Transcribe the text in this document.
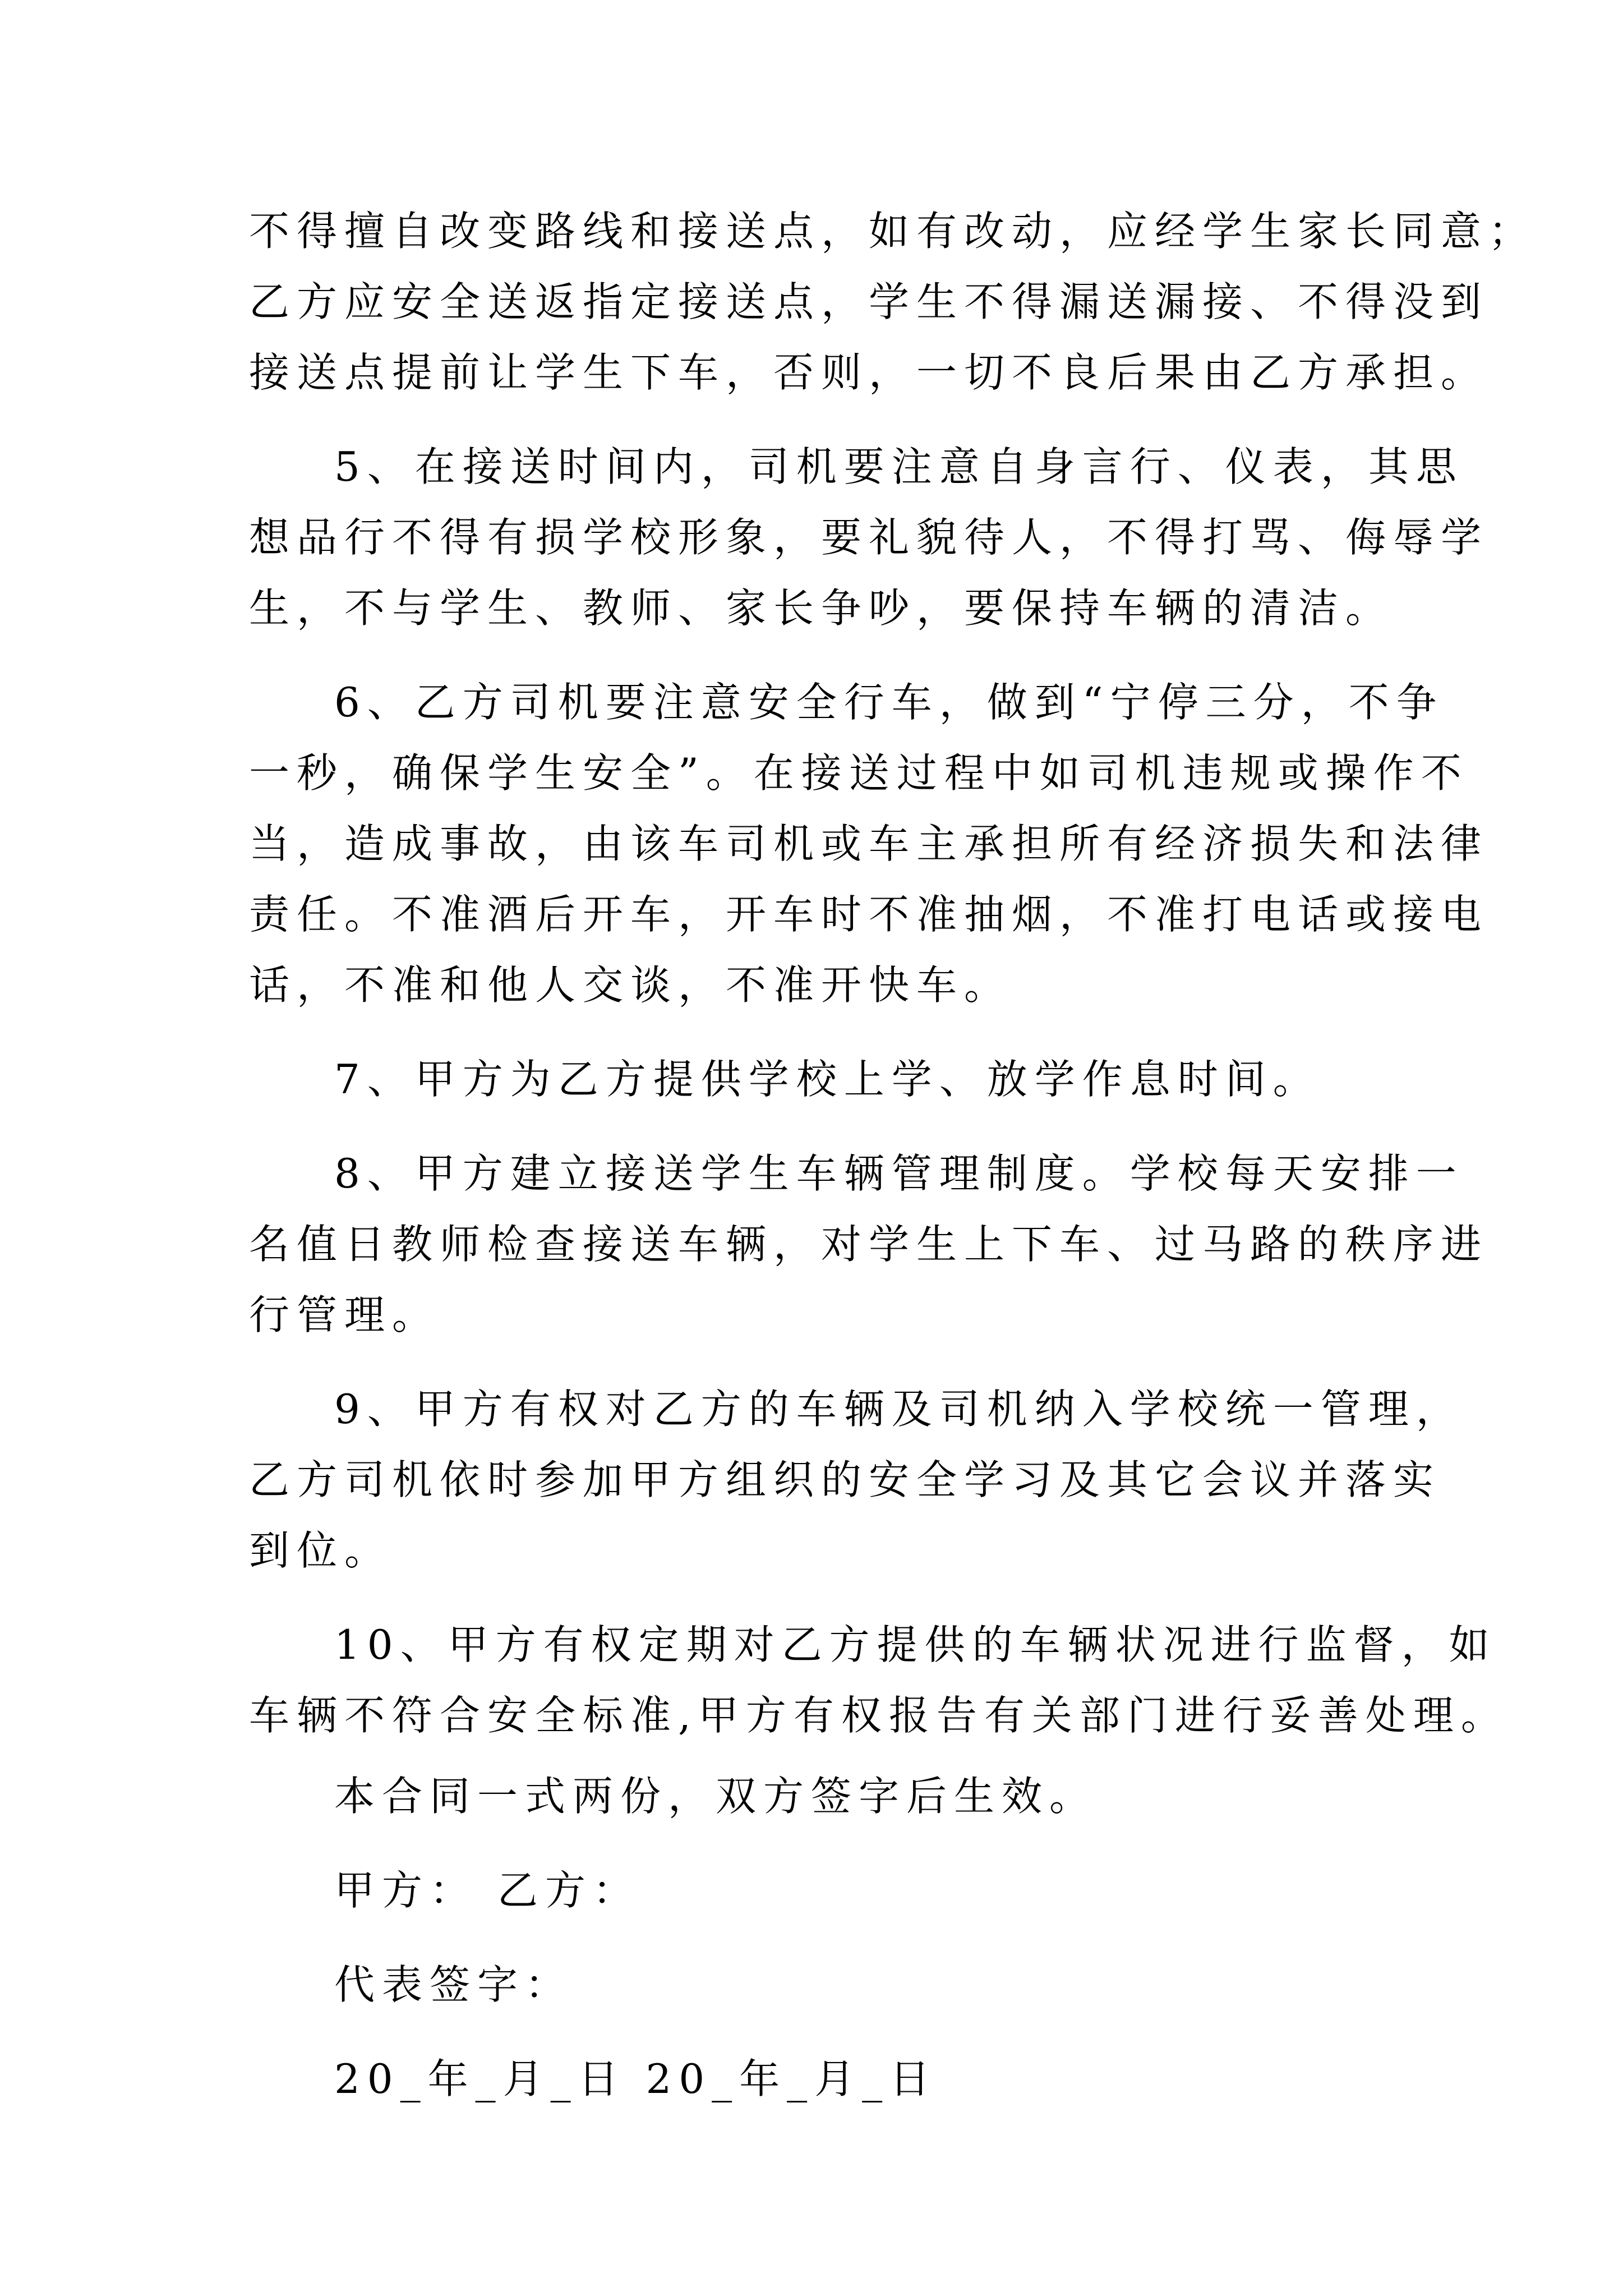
不得擅自改变路线和接送点，如有改动，应经学生家长同意；
乙方应安全送返指定接送点，学生不得漏送漏接、不得没到
接送点提前让学生下车，否则，一切不良后果由乙方承担。
5、在接送时间内，司机要注意自身言行、仪表，其思
想品行不得有损学校形象，要礼貌待人，不得打骂、侮辱学
生，不与学生、教师、家长争吵，要保持车辆的清洁。
6、乙方司机要注意安全行车，做到“宁停三分，不争
一秒，确保学生安全”。在接送过程中如司机违规或操作不
当，造成事故，由该车司机或车主承担所有经济损失和法律
责任。不准酒后开车，开车时不准抽烟，不准打电话或接电
话，不准和他人交谈，不准开快车。
7、甲方为乙方提供学校上学、放学作息时间。
8、甲方建立接送学生车辆管理制度。学校每天安排一
名值日教师检查接送车辆，对学生上下车、过马路的秩序进
行管理。
9、甲方有权对乙方的车辆及司机纳入学校统一管理，
乙方司机依时参加甲方组织的安全学习及其它会议并落实
到位。
10、甲方有权定期对乙方提供的车辆状况进行监督，如
车辆不符合安全标准,甲方有权报告有关部门进行妥善处理。
本合同一式两份，双方签字后生效。
甲方： 乙方：
代表签字：
20_年_月_日 20_年_月_日
